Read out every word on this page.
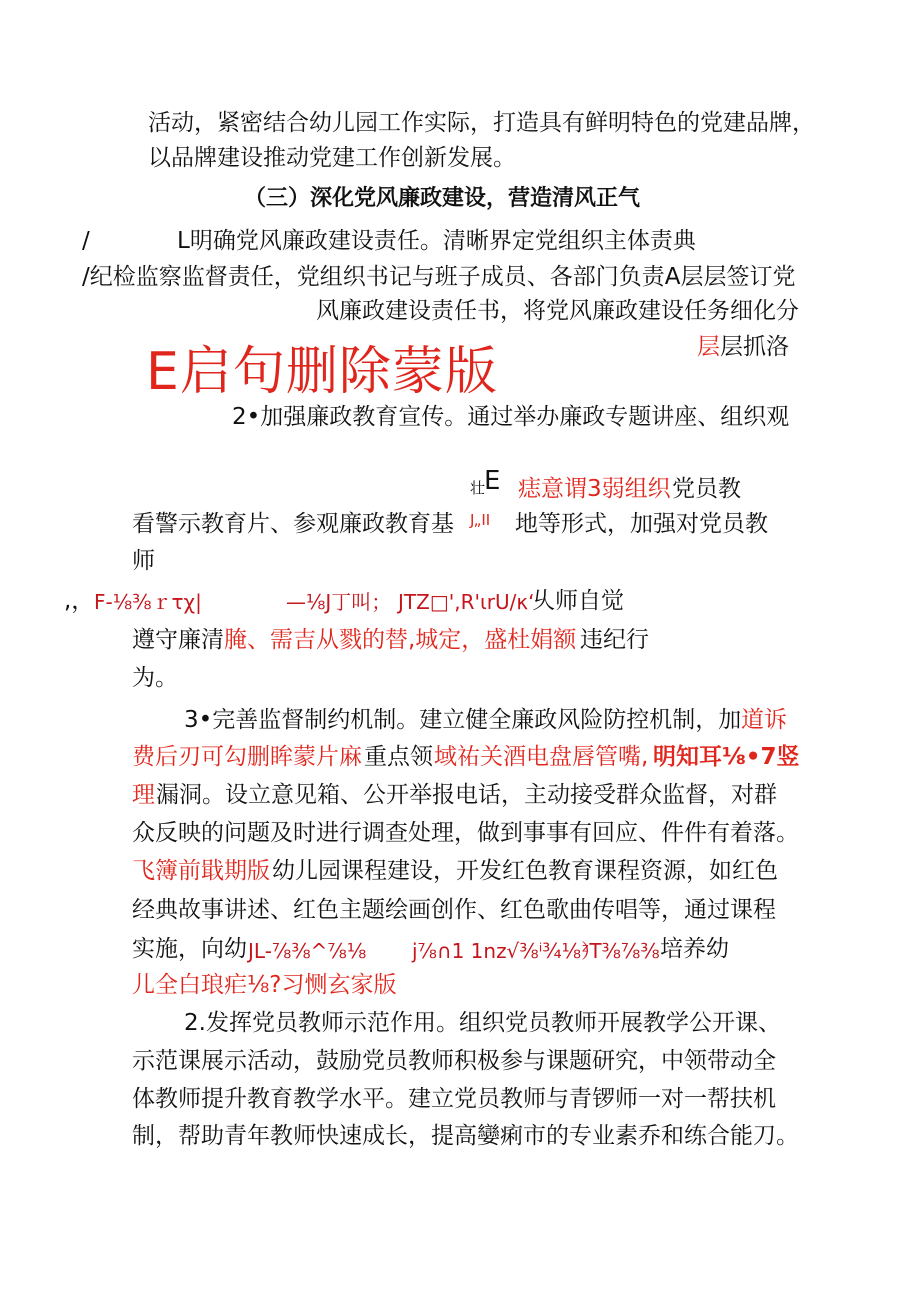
活动，紧密结合幼儿园工作实际，打造具有鲜明特色的党建品牌，
以品牌建设推动党建工作创新发展。
（三）深化党风廉政建设，营造清风正气
/	L明确党风廉政建设责任。清晰界定党组织主体责典
/纪检监察监督责任，党组织书记与班子成员、各部门负责A层层签订党
风廉政建设责任书，将党风廉政建设任务细化分
E启句删除蒙版	层 层抓洛
2•加强廉政教育宣传。通过举办廉政专题讲座、组织观
壮
E 痣意谓3弱组织 党员教
看警示教育片、参观廉政教育基 J„II 地等形式，加强对党员教
师
,， F-⅛⅜ｒτχ|	—⅛J丁叫； JTZ□',R'ιrU/κ‘
乆师自觉
遵守廉清 腌、需吉从戮的替,城定，盛杜娟额 违纪行
为。
3•完善监督制约机制。建立健全廉政风险防控机制，加 道诉
费后刃可勾删眸蒙片麻 重点领 域祐关酒电盘唇管嘴, 明知耳⅛•7竖
理 漏洞。设立意见箱、公开举报电话，主动接受群众监督，对群
众反映的问题及时进行调查处理，做到事事有回应、件件有着落。
飞簿前戢期版 幼儿园课程建设，开发红色教育课程资源，如红色
经典故事讲述、红色主题绘画创作、红色歌曲传唱等，通过课程
实施，向幼 JL-⅞⅜^⅞⅛ j⅞∩1 1nz√⅜ⁱ¾⅛）
ᶻT⅜⅞⅜ 培养幼
儿全白琅疟⅛?习恻玄家版
2.发挥党员教师示范作用。组织党员教师开展教学公开课、
示范课展示活动，鼓励党员教师积极参与课题研究，中领带动全
体教师提升教育教学水平。建立党员教师与青锣师一对一帮扶机
制，帮助青年教师快速成长，提高孌痢市的专业素乔和练合能刀。
